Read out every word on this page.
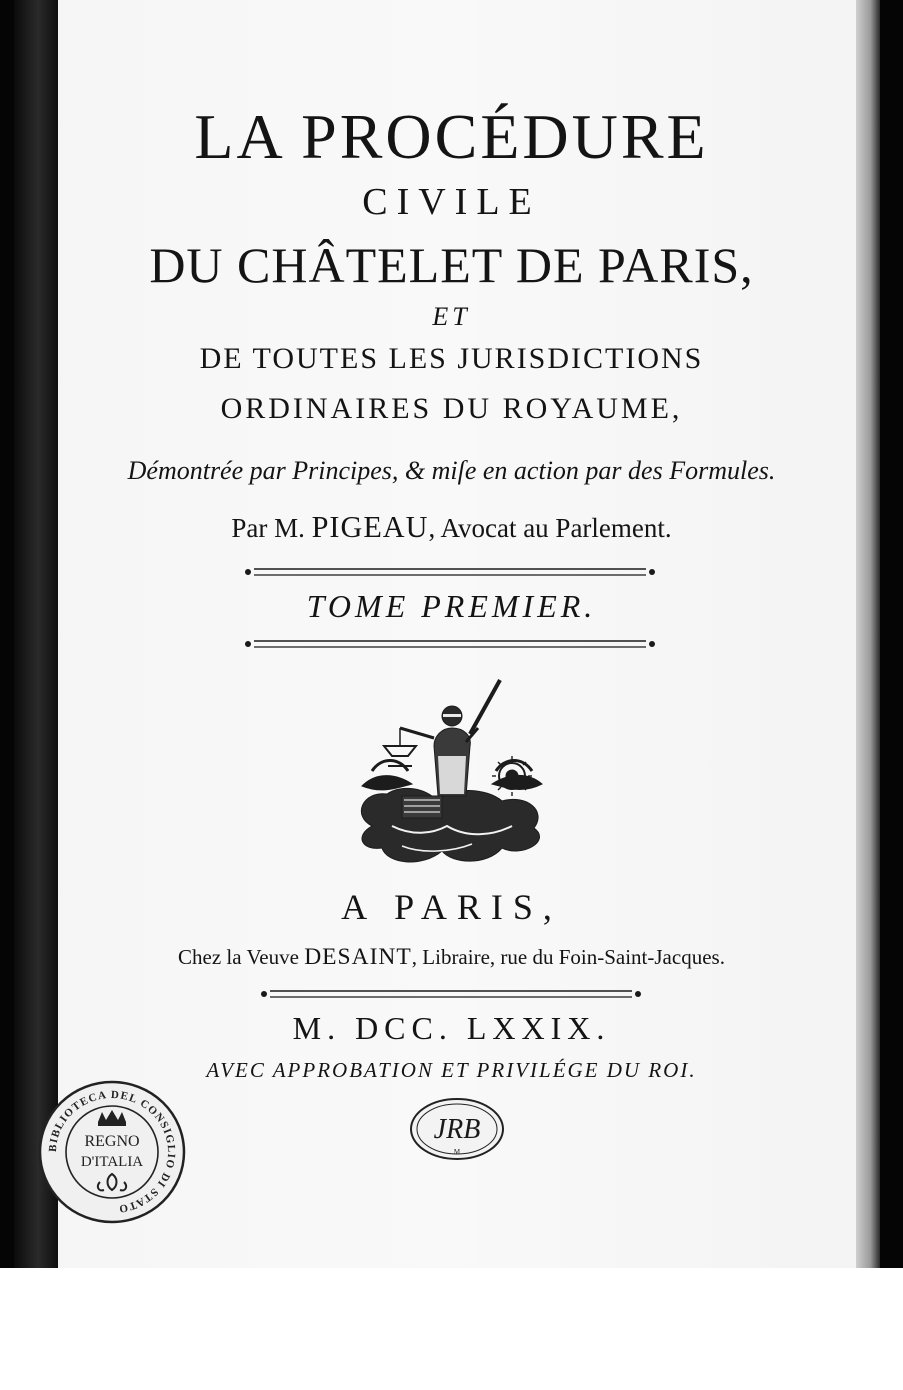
LA PROCÉDURE
CIVILE
DU CHÂTELET DE PARIS,
ET
DE TOUTES LES JURISDICTIONS
ORDINAIRES DU ROYAUME,
Démontrée par Principes, & miſe en action par des Formules.
Par M. PIGEAU, Avocat au Parlement.
TOME PREMIER.
A PARIS,
Chez la Veuve DESAINT, Libraire, rue du Foin-Saint-Jacques.
M. DCC. LXXIX.
AVEC APPROBATION ET PRIVILÉGE DU ROI.
BIBLIOTECA DEL CONSIGLIO DI STATO
REGNO
D'ITALIA
JRB
M
